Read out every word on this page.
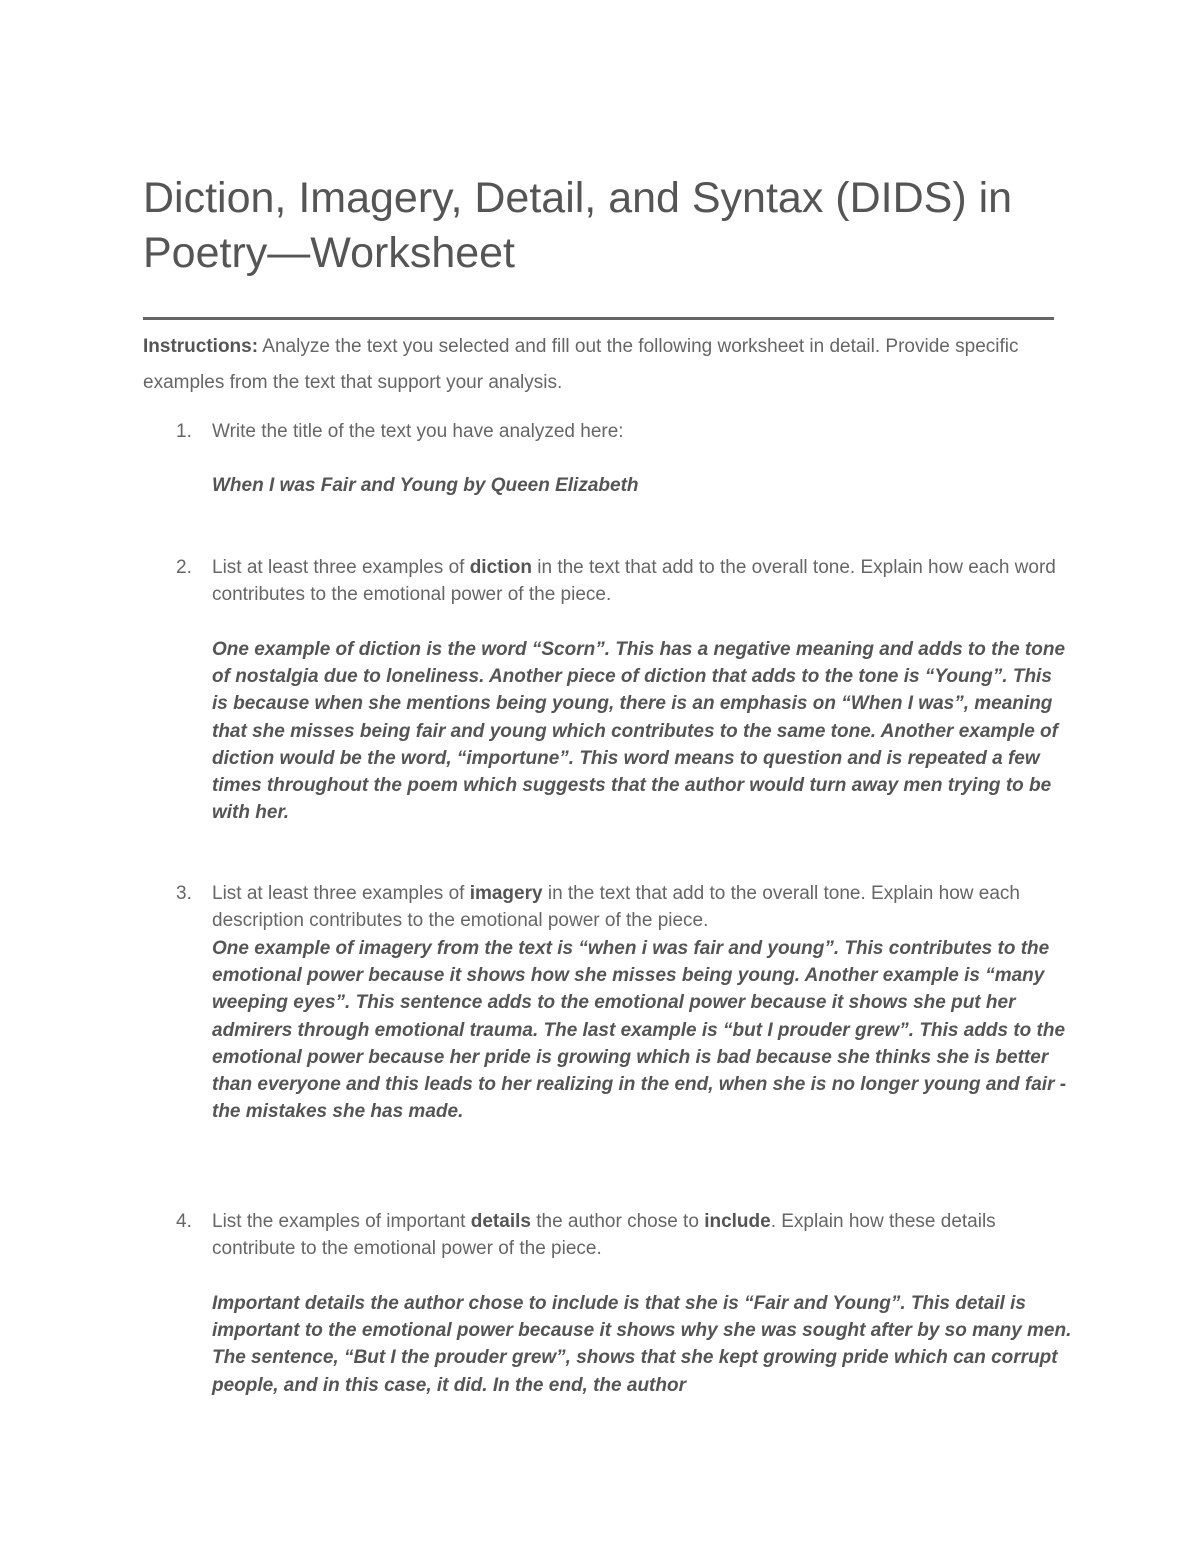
Diction, Imagery, Detail, and Syntax (DIDS) in Poetry—Worksheet
Instructions: Analyze the text you selected and fill out the following worksheet in detail. Provide specific examples from the text that support your analysis.
1. Write the title of the text you have analyzed here:
When I was Fair and Young by Queen Elizabeth
2. List at least three examples of diction in the text that add to the overall tone. Explain how each word contributes to the emotional power of the piece.
One example of diction is the word “Scorn”. This has a negative meaning and adds to the tone of nostalgia due to loneliness. Another piece of diction that adds to the tone is “Young”. This is because when she mentions being young, there is an emphasis on “When I was”, meaning that she misses being fair and young which contributes to the same tone. Another example of diction would be the word, “importune”. This word means to question and is repeated a few times throughout the poem which suggests that the author would turn away men trying to be with her.
3. List at least three examples of imagery in the text that add to the overall tone. Explain how each description contributes to the emotional power of the piece.
One example of imagery from the text is “when i was fair and young”. This contributes to the emotional power because it shows how she misses being young. Another example is “many weeping eyes”. This sentence adds to the emotional power because it shows she put her admirers through emotional trauma. The last example is “but I prouder grew”. This adds to the emotional power because her pride is growing which is bad because she thinks she is better than everyone and this leads to her realizing in the end, when she is no longer young and fair - the mistakes she has made.
4. List the examples of important details the author chose to include. Explain how these details contribute to the emotional power of the piece.
Important details the author chose to include is that she is “Fair and Young”. This detail is important to the emotional power because it shows why she was sought after by so many men. The sentence, “But I the prouder grew”, shows that she kept growing pride which can corrupt people, and in this case, it did. In the end, the author
